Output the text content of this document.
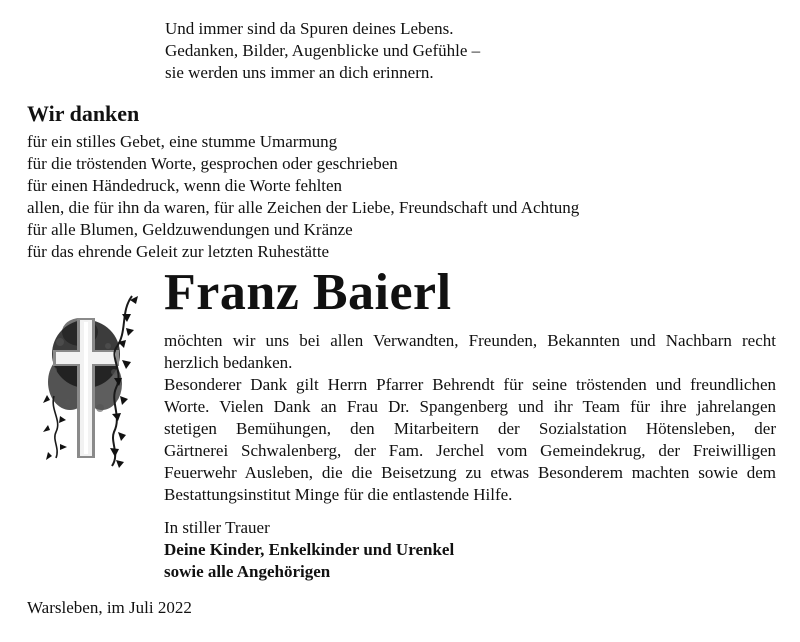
Und immer sind da Spuren deines Lebens.
Gedanken, Bilder, Augenblicke und Gefühle –
sie werden uns immer an dich erinnern.
Wir danken
für ein stilles Gebet, eine stumme Umarmung
für die tröstenden Worte, gesprochen oder geschrieben
für einen Händedruck, wenn die Worte fehlten
allen, die für ihn da waren, für alle Zeichen der Liebe, Freundschaft und Achtung
für alle Blumen, Geldzuwendungen und Kränze
für das ehrende Geleit zur letzten Ruhestätte
Franz Baierl
möchten wir uns bei allen Verwandten, Freunden, Bekannten und Nachbarn recht
herzlich bedanken.
Besonderer Dank gilt Herrn Pfarrer Behrendt für seine tröstenden und freundlichen
Worte. Vielen Dank an Frau Dr. Spangenberg und ihr Team für ihre jahrelangen
stetigen Bemühungen, den Mitarbeitern der Sozialstation Hötensleben, der
Gärtnerei Schwalenberg, der Fam. Jerchel vom Gemeindekrug, der Freiwilligen
Feuerwehr Ausleben, die die Beisetzung zu etwas Besonderem machten sowie dem
Bestattungsinstitut Minge für die entlastende Hilfe.
In stiller Trauer
Deine Kinder, Enkelkinder und Urenkel
sowie alle Angehörigen
Warsleben, im Juli 2022
